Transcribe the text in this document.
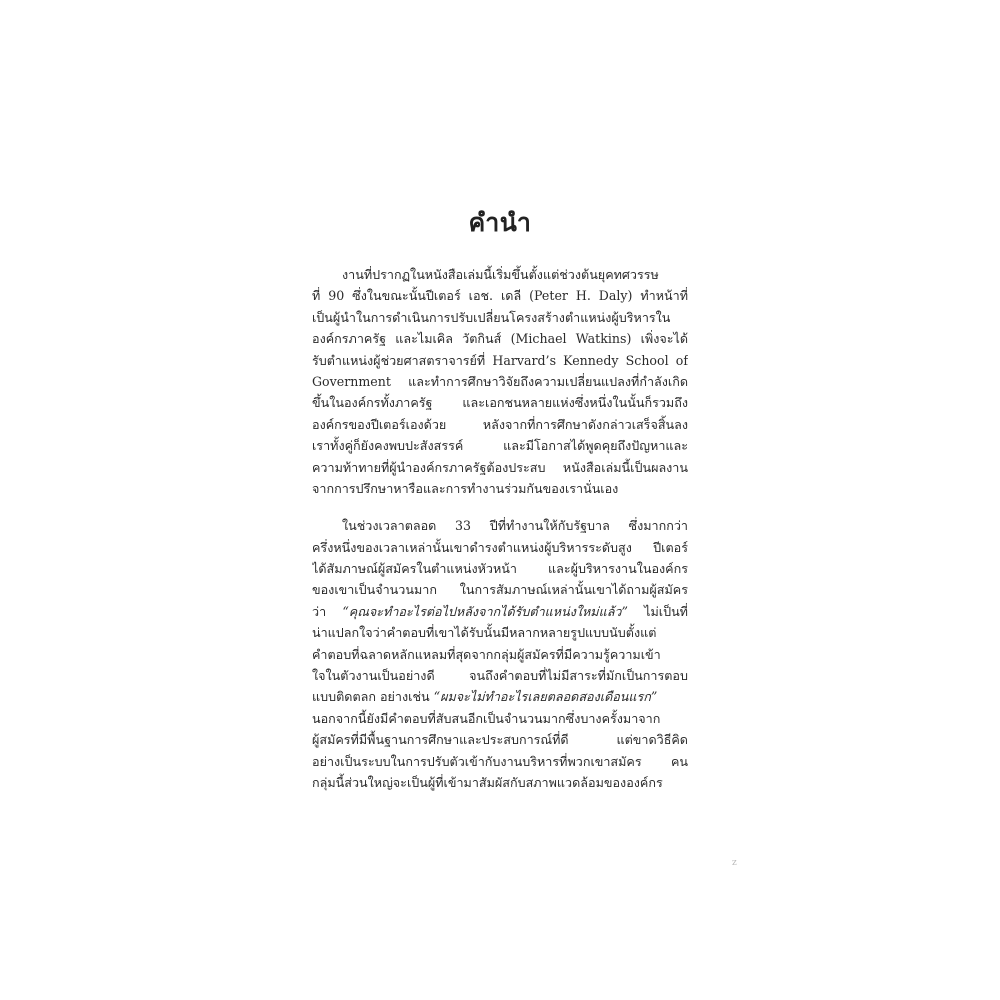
คำนำ
งานที่ปรากฏในหนังสือเล่มนี้เริ่มขึ้นตั้งแต่ช่วงต้นยุคทศวรรษ
ที่ 90 ซึ่งในขณะนั้นปีเตอร์ เอช. เดลี (Peter H. Daly) ทำหน้าที่
เป็นผู้นำในการดำเนินการปรับเปลี่ยนโครงสร้างตำแหน่งผู้บริหารใน
องค์กรภาครัฐ และไมเคิล วัตกินส์ (Michael Watkins) เพิ่งจะได้
รับตำแหน่งผู้ช่วยศาสตราจารย์ที่ Harvard’s Kennedy School of
Government และทำการศึกษาวิจัยถึงความเปลี่ยนแปลงที่กำลังเกิด
ขึ้นในองค์กรทั้งภาครัฐ และเอกชนหลายแห่งซึ่งหนึ่งในนั้นก็รวมถึง
องค์กรของปีเตอร์เองด้วย หลังจากที่การศึกษาดังกล่าวเสร็จสิ้นลง
เราทั้งคู่ก็ยังคงพบปะสังสรรค์ และมีโอกาสได้พูดคุยถึงปัญหาและ
ความท้าทายที่ผู้นำองค์กรภาครัฐต้องประสบ หนังสือเล่มนี้เป็นผลงาน
จากการปรึกษาหารือและการทำงานร่วมกันของเรานั่นเอง
ในช่วงเวลาตลอด 33 ปีที่ทำงานให้กับรัฐบาล ซึ่งมากกว่า
ครึ่งหนึ่งของเวลาเหล่านั้นเขาดำรงตำแหน่งผู้บริหารระดับสูง ปีเตอร์
ได้สัมภาษณ์ผู้สมัครในตำแหน่งหัวหน้า และผู้บริหารงานในองค์กร
ของเขาเป็นจำนวนมาก ในการสัมภาษณ์เหล่านั้นเขาได้ถามผู้สมัคร
ว่า “คุณจะทำอะไรต่อไปหลังจากได้รับตำแหน่งใหม่แล้ว” ไม่เป็นที่
น่าแปลกใจว่าคำตอบที่เขาได้รับนั้นมีหลากหลายรูปแบบนับตั้งแต่
คำตอบที่ฉลาดหลักแหลมที่สุดจากกลุ่มผู้สมัครที่มีความรู้ความเข้า
ใจในตัวงานเป็นอย่างดี จนถึงคำตอบที่ไม่มีสาระที่มักเป็นการตอบ
แบบติดตลก อย่างเช่น “ผมจะไม่ทำอะไรเลยตลอดสองเดือนแรก”
นอกจากนี้ยังมีคำตอบที่สับสนอีกเป็นจำนวนมากซึ่งบางครั้งมาจาก
ผู้สมัครที่มีพื้นฐานการศึกษาและประสบการณ์ที่ดี แต่ขาดวิธีคิด
อย่างเป็นระบบในการปรับตัวเข้ากับงานบริหารที่พวกเขาสมัคร คน
กลุ่มนี้ส่วนใหญ่จะเป็นผู้ที่เข้ามาสัมผัสกับสภาพแวดล้อมขององค์กร
z
